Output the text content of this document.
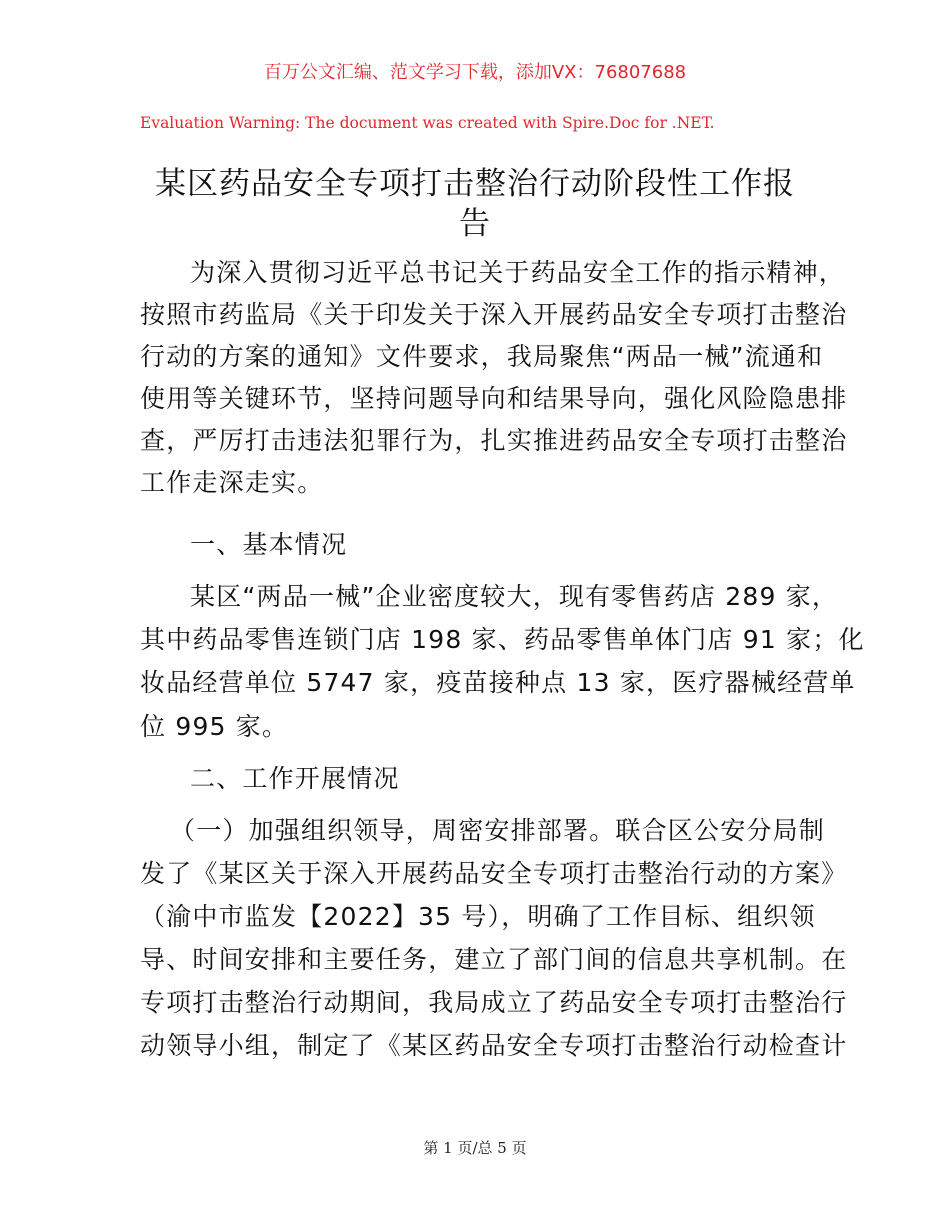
百万公文汇编、范文学习下载，添加VX：76807688
Evaluation Warning: The document was created with Spire.Doc for .NET.
某区药品安全专项打击整治行动阶段性工作报
告
为深入贯彻习近平总书记关于药品安全工作的指示精神，
按照市药监局《关于印发关于深入开展药品安全专项打击整治
行动的方案的通知》文件要求，我局聚焦“两品一械”流通和
使用等关键环节，坚持问题导向和结果导向，强化风险隐患排
查，严厉打击违法犯罪行为，扎实推进药品安全专项打击整治
工作走深走实。
一、基本情况
某区“两品一械”企业密度较大，现有零售药店 289 家，
其中药品零售连锁门店 198 家、药品零售单体门店 91 家；化
妆品经营单位 5747 家，疫苗接种点 13 家，医疗器械经营单
位 995 家。
二、工作开展情况
（一）加强组织领导，周密安排部署。联合区公安分局制
发了《某区关于深入开展药品安全专项打击整治行动的方案》
（渝中市监发【2022】35 号），明确了工作目标、组织领
导、时间安排和主要任务，建立了部门间的信息共享机制。在
专项打击整治行动期间，我局成立了药品安全专项打击整治行
动领导小组，制定了《某区药品安全专项打击整治行动检查计
第 1 页/总 5 页
